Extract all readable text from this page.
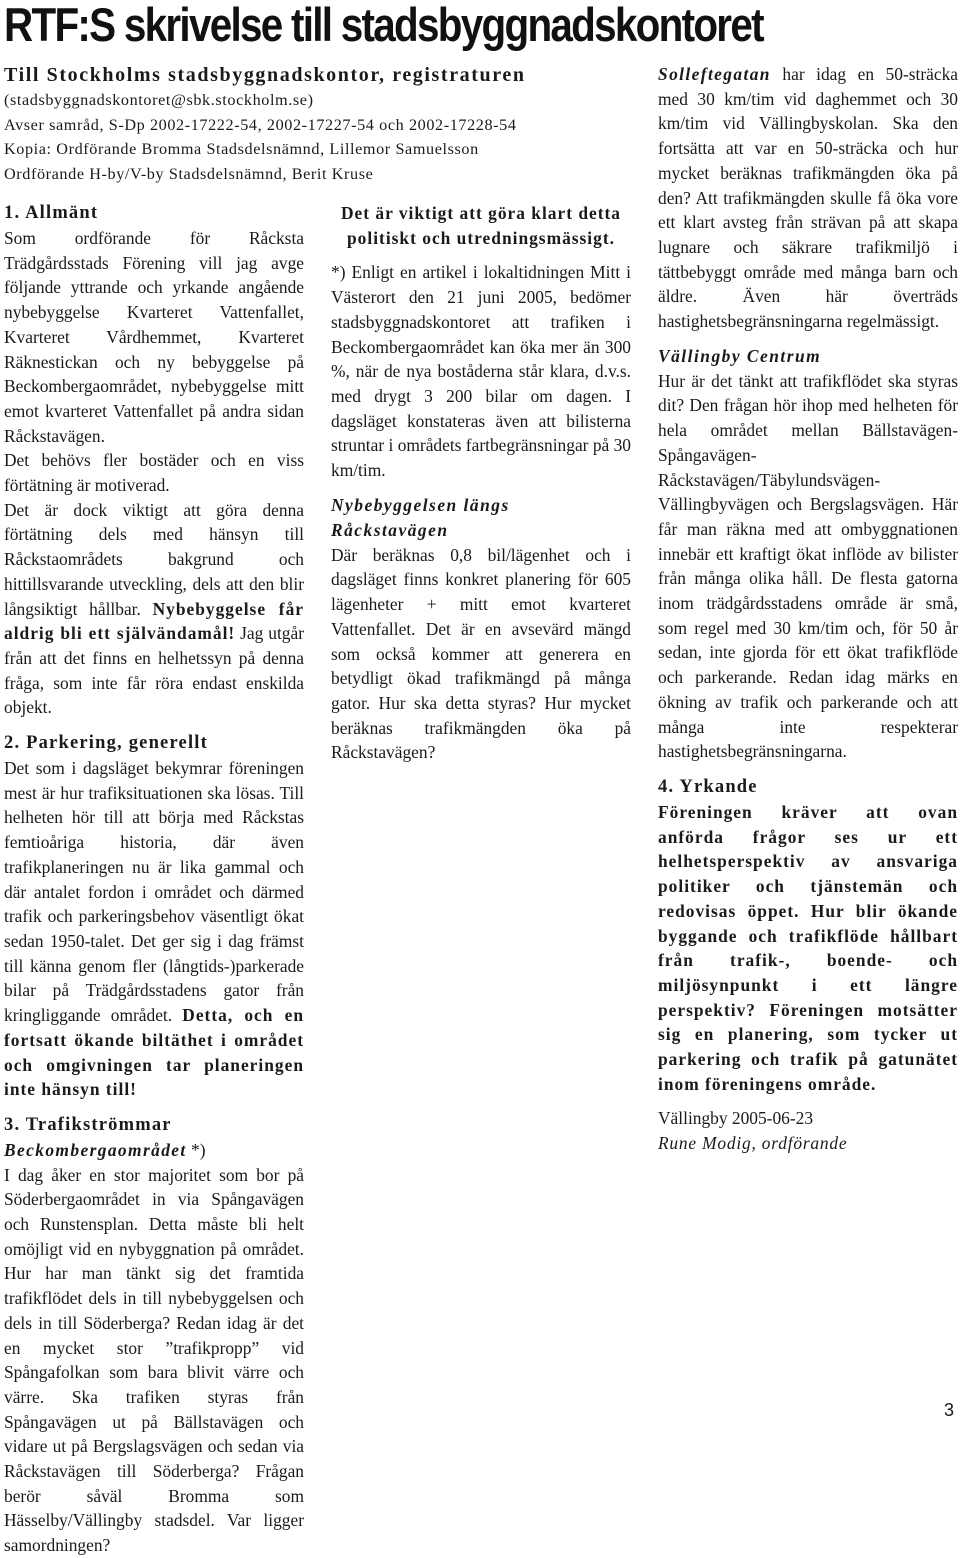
RTF:S skrivelse till stadsbyggnadskontoret
Till Stockholms stadsbyggnadskontor, registraturen
(stadsbyggnadskontoret@sbk.stockholm.se)
Avser samråd, S-Dp 2002-17222-54, 2002-17227-54 och 2002-17228-54
Kopia: Ordförande Bromma Stadsdelsnämnd, Lillemor Samuelsson
Ordförande H-by/V-by Stadsdelsnämnd, Berit Kruse
1. Allmänt

Som ordförande för Råcksta Trädgårdsstads Förening vill jag avge följande yttrande och yrkande angående nybebyggelse Kvarteret Vattenfallet, Kvarteret Vårdhemmet, Kvarteret Räknestickan och ny bebyggelse på Beckombergaområdet, nybebyggelse mitt emot kvarteret Vattenfallet på andra sidan Råckstavägen.

Det behövs fler bostäder och en viss förtätning är motiverad.

Det är dock viktigt att göra denna förtätning dels med hänsyn till Råckstaområdets bakgrund och hittillsvarande utveckling, dels att den blir långsiktigt hållbar. Nybebyggelse får aldrig bli ett självändamål! Jag utgår från att det finns en helhetssyn på denna fråga, som inte får röra endast enskilda objekt.

2. Parkering, generellt

Det som i dagsläget bekymrar föreningen mest är hur trafiksituationen ska lösas. Till helheten hör till att börja med Råckstas femtioåriga historia, där även trafikplaneringen nu är lika gammal och där antalet fordon i området och därmed trafik och parkeringsbehov väsentligt ökat sedan 1950-talet. Det ger sig i dag främst till känna genom fler (långtids-)parkerade bilar på Trädgårdsstadens gator från kringliggande området. Detta, och en fortsatt ökande biltäthet i området och omgivningen tar planeringen inte hänsyn till!

3. Trafikströmmar
Beckombergaområdet *)

I dag åker en stor majoritet som bor på Söderbergaområdet in via Spångavägen och Runstensplan. Detta måste bli helt omöjligt vid en nybyggnation på området. Hur har man tänkt sig det framtida trafikflödet dels in till nybebyggelsen och dels in till Söderberga? Redan idag är det en mycket stor ”trafikpropp” vid Spångafolkan som bara blivit värre och värre. Ska trafiken styras från Spångavägen ut på Bällstavägen och vidare ut på Bergslagsvägen och sedan via Råckstavägen till Söderberga? Frågan berör såväl Bromma som Hässelby/Vällingby stadsdel. Var ligger samordningen?

Det är viktigt att göra klart detta politiskt och utredningsmässigt.

*) Enligt en artikel i lokaltidningen Mitt i Västerort den 21 juni 2005, bedömer stadsbyggnadskontoret att trafiken i Beckombergaområdet kan öka mer än 300 %, när de nya boståderna står klara, d.v.s. med drygt 3 200 bilar om dagen. I dagsläget konstateras även att bilisterna struntar i områdets fartbegränsningar på 30 km/tim.

Nybebyggelsen längs Råckstavägen

Där beräknas 0,8 bil/lägenhet och i dagsläget finns konkret planering för 605 lägenheter + mitt emot kvarteret Vattenfallet. Det är en avsevärd mängd som också kommer att generera en betydligt ökad trafikmängd på många gator. Hur ska detta styras? Hur mycket beräknas trafikmängden öka på Råckstavägen?

Solleftegatan har idag en 50-sträcka med 30 km/tim vid daghemmet och 30 km/tim vid Vällingbyskolan. Ska den fortsätta att var en 50-sträcka och hur mycket beräknas trafikmängden öka på den? Att trafikmängden skulle få öka vore ett klart avsteg från strävan på att skapa lugnare och säkrare trafikmiljö i tättbebyggt område med många barn och äldre. Även här överträds hastighetsbegränsningarna regelmässigt.

Vällingby Centrum

Hur är det tänkt att trafikflödet ska styras dit? Den frågan hör ihop med helheten för hela området mellan Bällstavägen-Spångavägen-Råckstavägen/Täbylundsvägen-Vällingbyvägen och Bergslagsvägen. Här får man räkna med att ombyggnationen innebär ett kraftigt ökat inflöde av bilister från många olika håll. De flesta gatorna inom trädgårdsstadens område är små, som regel med 30 km/tim och, för 50 år sedan, inte gjorda för ett ökat trafikflöde och parkerande. Redan idag märks en ökning av trafik och parkerande och att många inte respekterar hastighetsbegränsningarna.

4. Yrkande

Föreningen kräver att ovan anförda frågor ses ur ett helhetsperspektiv av ansvariga politiker och tjänstemän och redovisas öppet. Hur blir ökande byggande och trafikflöde hållbart från trafik-, boende- och miljösynpunkt i ett längre perspektiv? Föreningen motsätter sig en planering, som tycker ut parkering och trafik på gatunätet inom föreningens område.

Vällingby 2005-06-23
Rune Modig, ordförande
3
